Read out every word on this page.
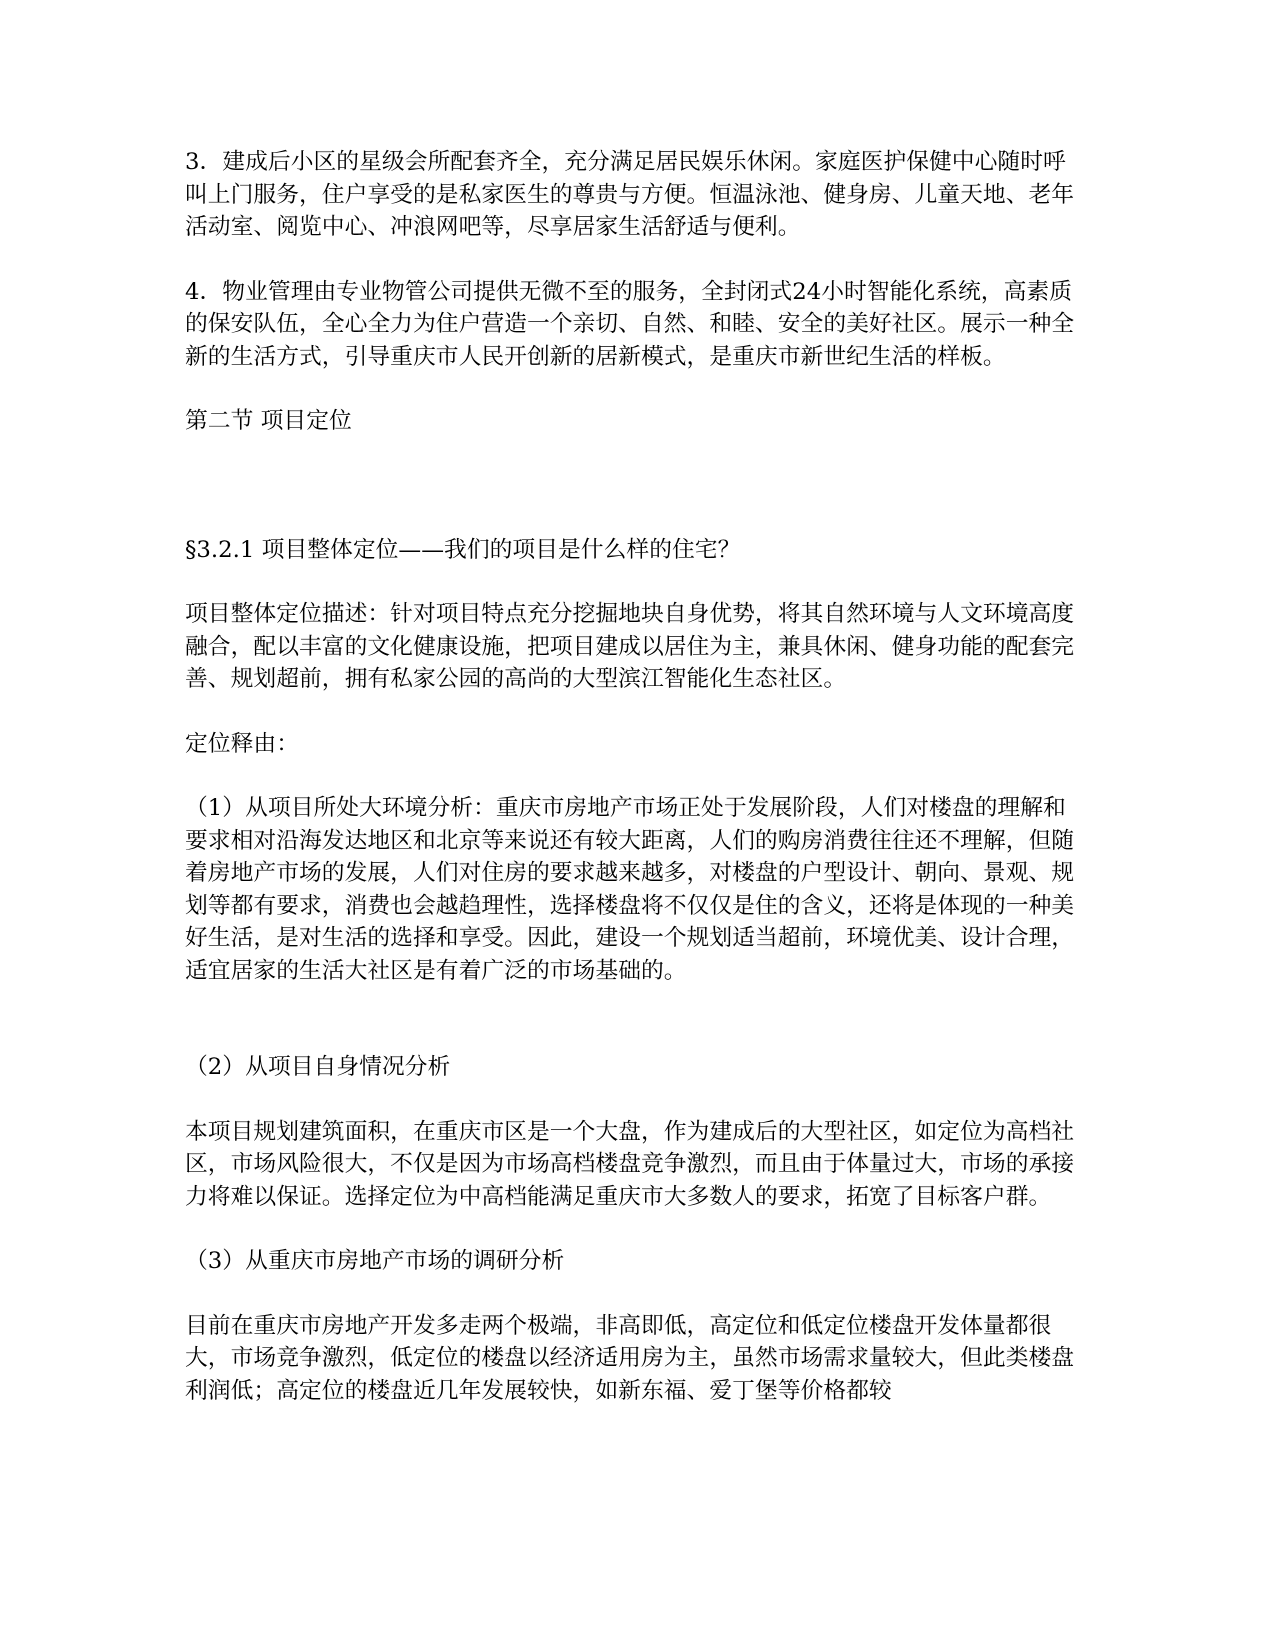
3．建成后小区的星级会所配套齐全，充分满足居民娱乐休闲。家庭医护保健中心随时呼叫上门服务，住户享受的是私家医生的尊贵与方便。恒温泳池、健身房、儿童天地、老年活动室、阅览中心、冲浪网吧等，尽享居家生活舒适与便利。

4．物业管理由专业物管公司提供无微不至的服务，全封闭式24小时智能化系统，高素质的保安队伍，全心全力为住户营造一个亲切、自然、和睦、安全的美好社区。展示一种全新的生活方式，引导重庆市人民开创新的居新模式，是重庆市新世纪生活的样板。

第二节 项目定位

§3.2.1 项目整体定位——我们的项目是什么样的住宅？

项目整体定位描述：针对项目特点充分挖掘地块自身优势，将其自然环境与人文环境高度融合，配以丰富的文化健康设施，把项目建成以居住为主，兼具休闲、健身功能的配套完善、规划超前，拥有私家公园的高尚的大型滨江智能化生态社区。

定位释由：

（1）从项目所处大环境分析：重庆市房地产市场正处于发展阶段，人们对楼盘的理解和要求相对沿海发达地区和北京等来说还有较大距离，人们的购房消费往往还不理解，但随着房地产市场的发展，人们对住房的要求越来越多，对楼盘的户型设计、朝向、景观、规划等都有要求，消费也会越趋理性，选择楼盘将不仅仅是住的含义，还将是体现的一种美好生活，是对生活的选择和享受。因此，建设一个规划适当超前，环境优美、设计合理，适宜居家的生活大社区是有着广泛的市场基础的。

（2）从项目自身情况分析

本项目规划建筑面积，在重庆市区是一个大盘，作为建成后的大型社区，如定位为高档社区，市场风险很大，不仅是因为市场高档楼盘竞争激烈，而且由于体量过大，市场的承接力将难以保证。选择定位为中高档能满足重庆市大多数人的要求，拓宽了目标客户群。

（3）从重庆市房地产市场的调研分析

目前在重庆市房地产开发多走两个极端，非高即低，高定位和低定位楼盘开发体量都很大，市场竞争激烈，低定位的楼盘以经济适用房为主，虽然市场需求量较大，但此类楼盘利润低；高定位的楼盘近几年发展较快，如新东福、爱丁堡等价格都较
